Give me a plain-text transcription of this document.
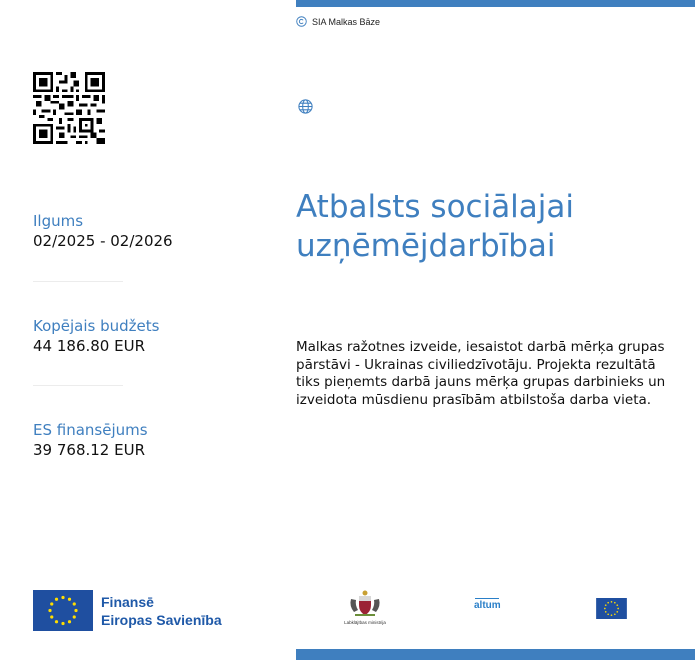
SIA Malkas Bāze
Atbalsts sociālajai
uzņēmējdarbībai

Malkas ražotnes izveide, iesaistot darbā mērķa grupas pārstāvi - Ukrainas civiliedzīvotāju. Projekta rezultātā tiks pieņemts darbā jauns mērķa grupas darbinieks un izveidota mūsdienu prasībām atbilstoša darba vieta.

Ilgums
02/2025 - 02/2026
Kopējais budžets
44 186.80 EUR
ES finansējums
39 768.12 EUR
Finansē
Eiropas Savienība	Labklājības ministrija
altum
